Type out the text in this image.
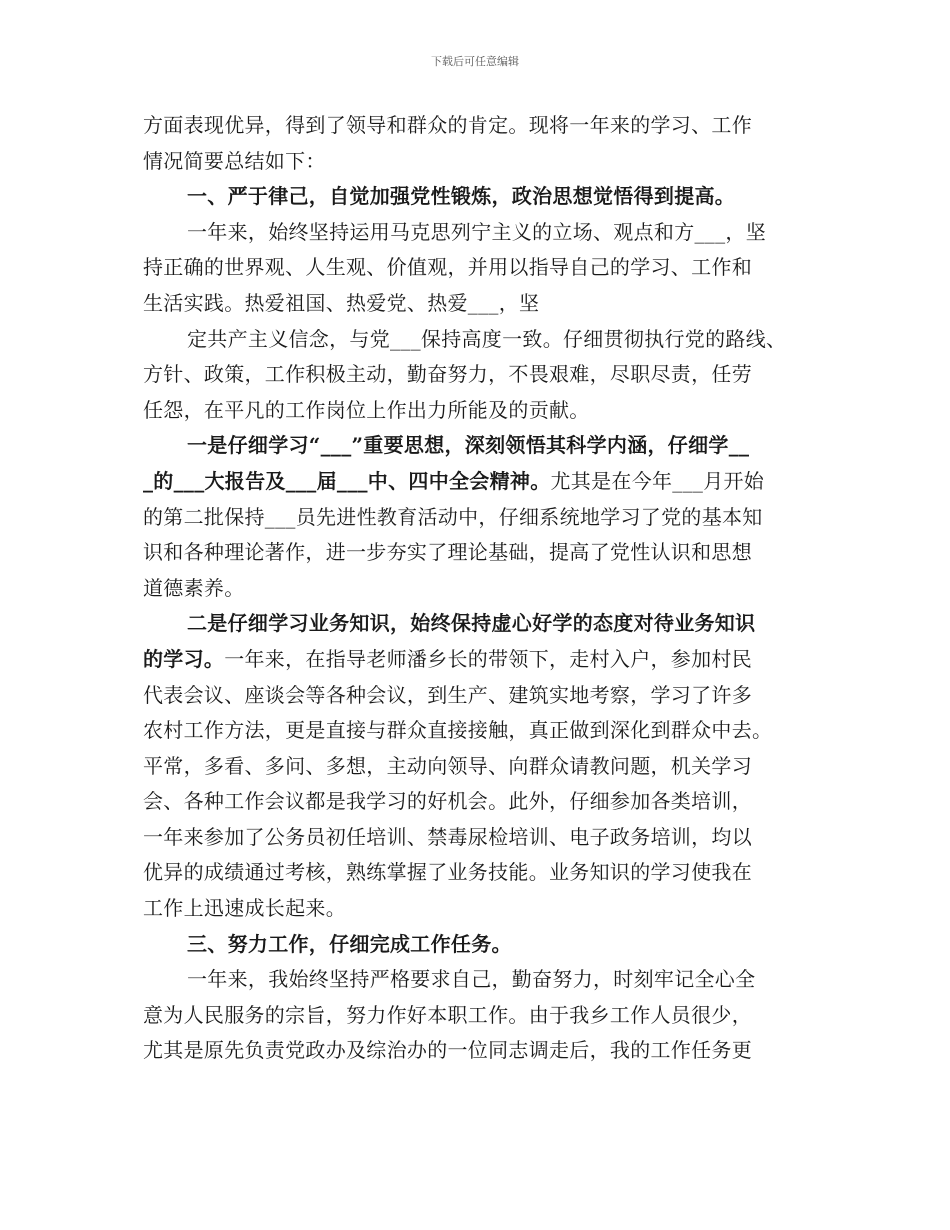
下载后可任意编辑
方面表现优异，得到了领导和群众的肯定。现将一年来的学习、工作
情况简要总结如下：
一、严于律己，自觉加强党性锻炼，政治思想觉悟得到提高。
一年来，始终坚持运用马克思列宁主义的立场、观点和方___，坚
持正确的世界观、人生观、价值观，并用以指导自己的学习、工作和
生活实践。热爱祖国、热爱党、热爱___，坚
定共产主义信念，与党___保持高度一致。仔细贯彻执行党的路线、
方针、政策，工作积极主动，勤奋努力，不畏艰难，尽职尽责，任劳
任怨，在平凡的工作岗位上作出力所能及的贡献。
一是仔细学习“___”重要思想，深刻领悟其科学内涵，仔细学__
_的___大报告及___届___中、四中全会精神。尤其是在今年___月开始
的第二批保持___员先进性教育活动中，仔细系统地学习了党的基本知
识和各种理论著作，进一步夯实了理论基础，提高了党性认识和思想
道德素养。
二是仔细学习业务知识，始终保持虚心好学的态度对待业务知识
的学习。一年来，在指导老师潘乡长的带领下，走村入户，参加村民
代表会议、座谈会等各种会议，到生产、建筑实地考察，学习了许多
农村工作方法，更是直接与群众直接接触，真正做到深化到群众中去。
平常，多看、多问、多想，主动向领导、向群众请教问题，机关学习
会、各种工作会议都是我学习的好机会。此外，仔细参加各类培训，
一年来参加了公务员初任培训、禁毒尿检培训、电子政务培训，均以
优异的成绩通过考核，熟练掌握了业务技能。业务知识的学习使我在
工作上迅速成长起来。
三、努力工作，仔细完成工作任务。
一年来，我始终坚持严格要求自己，勤奋努力，时刻牢记全心全
意为人民服务的宗旨，努力作好本职工作。由于我乡工作人员很少，
尤其是原先负责党政办及综治办的一位同志调走后，我的工作任务更
